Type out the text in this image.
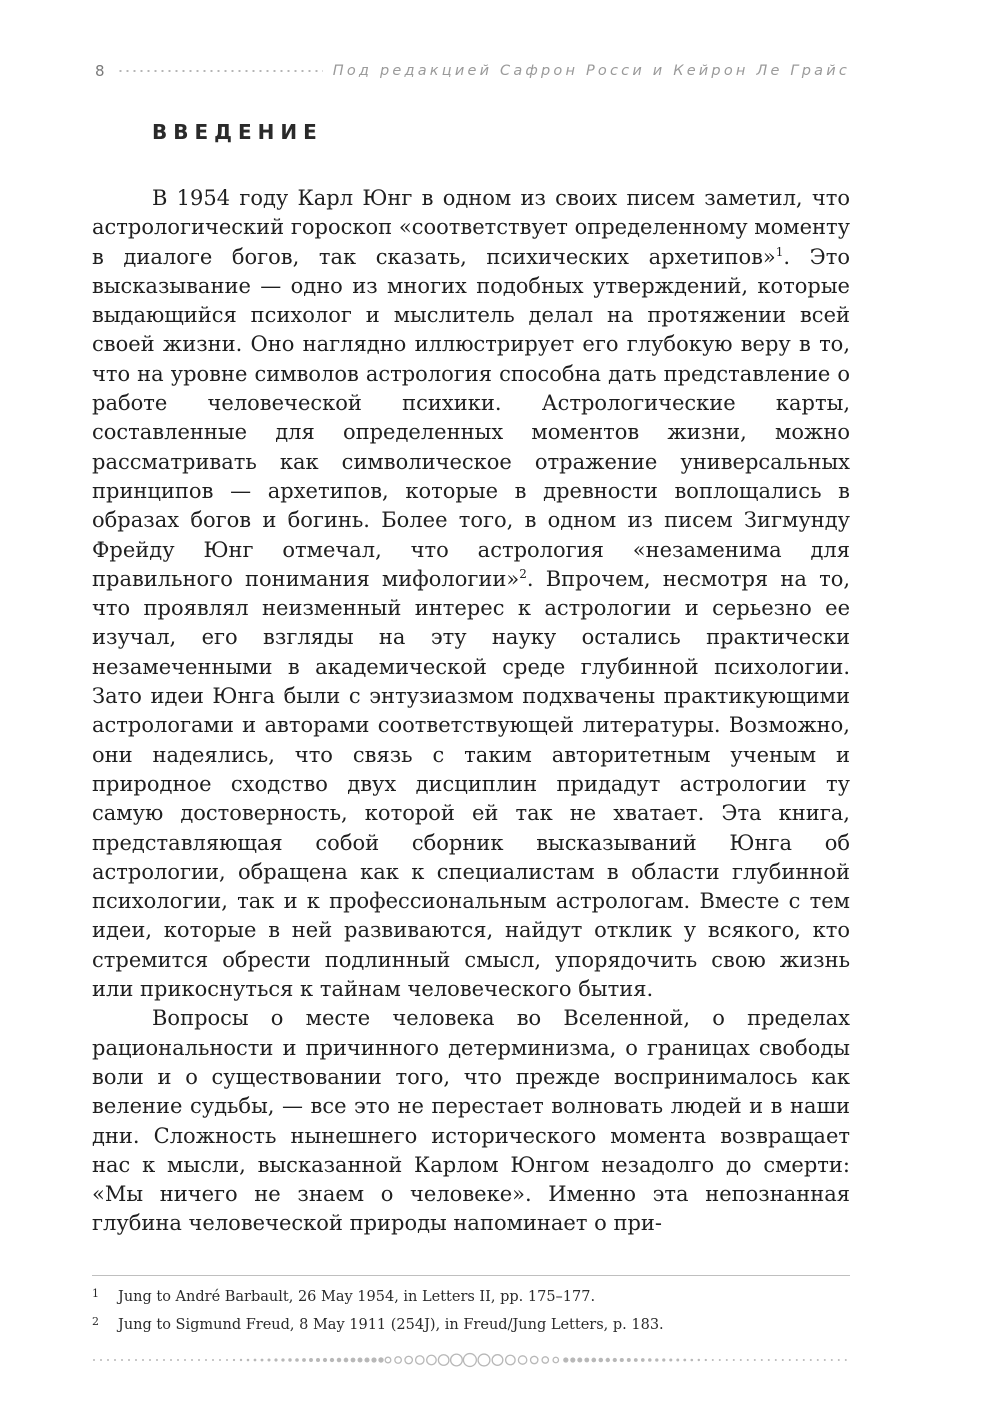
8	Под редакцией Сафрон Росси и Кейрон Ле Грайс
ВВЕДЕНИЕ

В 1954 году Карл Юнг в одном из своих писем заметил, что астрологический гороскоп «соответствует определенному моменту в диалоге богов, так сказать, психических архетипов»$^1$. Это высказывание — одно из многих подобных утверждений, которые выдающийся психолог и мыслитель делал на протяжении всей своей жизни. Оно наглядно иллюстрирует его глубокую веру в то, что на уровне символов астрология способна дать представление о работе человеческой психики. Астрологические карты, составленные для определенных моментов жизни, можно рассматривать как символическое отражение универсальных принципов — архетипов, которые в древности воплощались в образах богов и богинь. Более того, в одном из писем Зигмунду Фрейду Юнг отмечал, что астрология «незаменима для правильного понимания мифологии»$^2$. Впрочем, несмотря на то, что проявлял неизменный интерес к астрологии и серьезно ее изучал, его взгляды на эту науку остались практически незамеченными в академической среде глубинной психологии. Зато идеи Юнга были с энтузиазмом подхвачены практикующими астрологами и авторами соответствующей литературы. Возможно, они надеялись, что связь с таким авторитетным ученым и природное сходство двух дисциплин придадут астрологии ту самую достоверность, которой ей так не хватает. Эта книга, представляющая собой сборник высказываний Юнга об астрологии, обращена как к специалистам в области глубинной психологии, так и к профессиональным астрологам. Вместе с тем идеи, которые в ней развиваются, найдут отклик у всякого, кто стремится обрести подлинный смысл, упорядочить свою жизнь или прикоснуться к тайнам человеческого бытия.

Вопросы о месте человека во Вселенной, о пределах рациональности и причинного детерминизма, о границах свободы воли и о существовании того, что прежде воспринималось как веление судьбы, — все это не перестает волновать людей и в наши дни. Сложность нынешнего исторического момента возвращает нас к мысли, высказанной Карлом Юнгом незадолго до смерти: «Мы ничего не знаем о человеке». Именно эта непознанная глубина человеческой природы напоминает о при-

1	Jung to André Barbault, 26 May 1954, in Letters II, pp. 175–177.
2	Jung to Sigmund Freud, 8 May 1911 (254J), in Freud/Jung Letters, p. 183.
